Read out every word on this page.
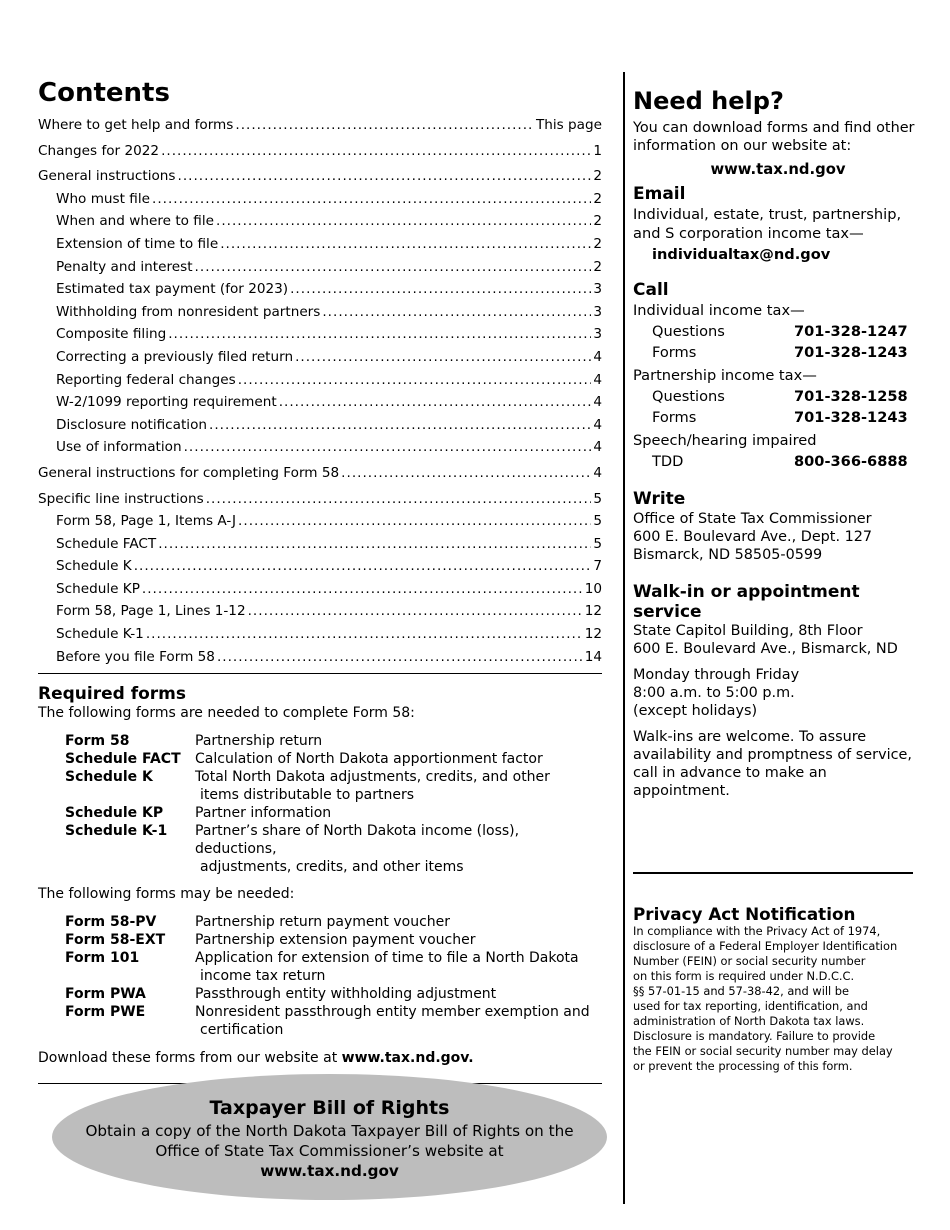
Contents
Where to get help and forms .....	This page
Changes for 2022 .....	1
General instructions .....	2
Who must file .....	2
When and where to file .....	2
Extension of time to file .....	2
Penalty and interest .....	2
Estimated tax payment (for 2023) .....	3
Withholding from nonresident partners .....	3
Composite filing .....	3
Correcting a previously filed return .....	4
Reporting federal changes .....	4
W-2/1099 reporting requirement .....	4
Disclosure notification .....	4
Use of information .....	4
General instructions for completing Form 58 .....	4
Specific line instructions .....	5
Form 58, Page 1, Items A-J .....	5
Schedule FACT .....	5
Schedule K .....	7
Schedule KP .....	10
Form 58, Page 1, Lines 1-12 .....	12
Schedule K-1 .....	12
Before you file Form 58 .....	14
Required forms
The following forms are needed to complete Form 58:
Form 58	Partnership return
Schedule FACT	Calculation of North Dakota apportionment factor
Schedule K	Total North Dakota adjustments, credits, and other
items distributable to partners
Schedule KP	Partner information
Schedule K-1	Partner’s share of North Dakota income (loss), deductions,
adjustments, credits, and other items
The following forms may be needed:
Form 58-PV	Partnership return payment voucher
Form 58-EXT	Partnership extension payment voucher
Form 101	Application for extension of time to file a North Dakota
income tax return
Form PWA	Passthrough entity withholding adjustment
Form PWE	Nonresident passthrough entity member exemption and
certification
Download these forms from our website at www.tax.nd.gov.
Taxpayer Bill of Rights
Obtain a copy of the North Dakota Taxpayer Bill of Rights on the Office of State Tax Commissioner’s website at
www.tax.nd.gov
Need help?
You can download forms and find other information on our website at:
www.tax.nd.gov
Email
Individual, estate, trust, partnership, and S corporation income tax—
individualtax@nd.gov
Call
Individual income tax—
Questions	701-328-1247
Forms	701-328-1243
Partnership income tax—
Questions	701-328-1258
Forms	701-328-1243
Speech/hearing impaired
TDD	800-366-6888
Write
Office of State Tax Commissioner
600 E. Boulevard Ave., Dept. 127
Bismarck, ND 58505-0599
Walk-in or appointment service
State Capitol Building, 8th Floor
600 E. Boulevard Ave., Bismarck, ND
Monday through Friday
8:00 a.m. to 5:00 p.m.
(except holidays)
Walk-ins are welcome. To assure availability and promptness of service, call in advance to make an appointment.
Privacy Act Notification
In compliance with the Privacy Act of 1974,
disclosure of a Federal Employer Identification
Number (FEIN) or social security number
on this form is required under N.D.C.C.
§§ 57-01-15 and 57-38-42, and will be
used for tax reporting, identification, and
administration of North Dakota tax laws.
Disclosure is mandatory. Failure to provide
the FEIN or social security number may delay
or prevent the processing of this form.
